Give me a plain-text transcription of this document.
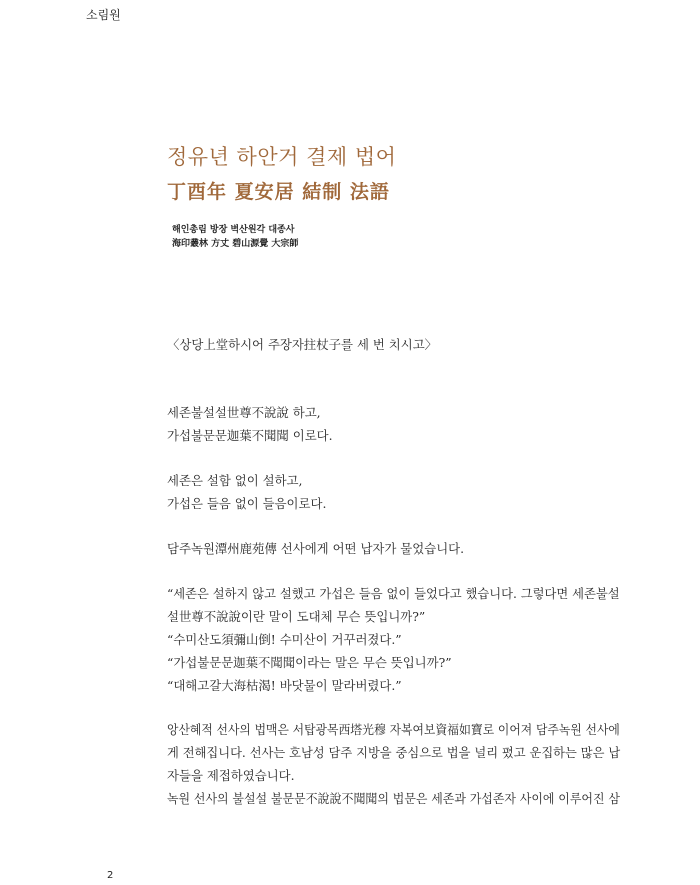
소림원
정유년 하안거 결제 법어
丁酉年 夏安居 結制 法語
해인총림 방장 벽산원각 대종사
海印叢林 方丈 碧山源覺 大宗師
〈상당上堂하시어 주장자拄杖子를 세 번 치시고〉
세존불설설世尊不說說 하고,
가섭불문문迦葉不聞聞 이로다.
세존은 설함 없이 설하고,
가섭은 들음 없이 들음이로다.
담주녹원潭州鹿苑傳 선사에게 어떤 납자가 물었습니다.
“세존은 설하지 않고 설했고 가섭은 들음 없이 들었다고 했습니다. 그렇다면 세존불설
설世尊不說說이란 말이 도대체 무슨 뜻입니까?”
“수미산도須彌山倒! 수미산이 거꾸러졌다.”
“가섭불문문迦葉不聞聞이라는 말은 무슨 뜻입니까?”
“대해고갈大海枯渴! 바닷물이 말라버렸다.”
앙산혜적 선사의 법맥은 서탑광목西塔光穆 자복여보資福如寶로 이어져 담주녹원 선사에
게 전해집니다. 선사는 호남성 담주 지방을 중심으로 법을 널리 폈고 운집하는 많은 납
자들을 제접하였습니다.
녹원 선사의 불설설 불문문不說說不聞聞의 법문은 세존과 가섭존자 사이에 이루어진 삼
2
